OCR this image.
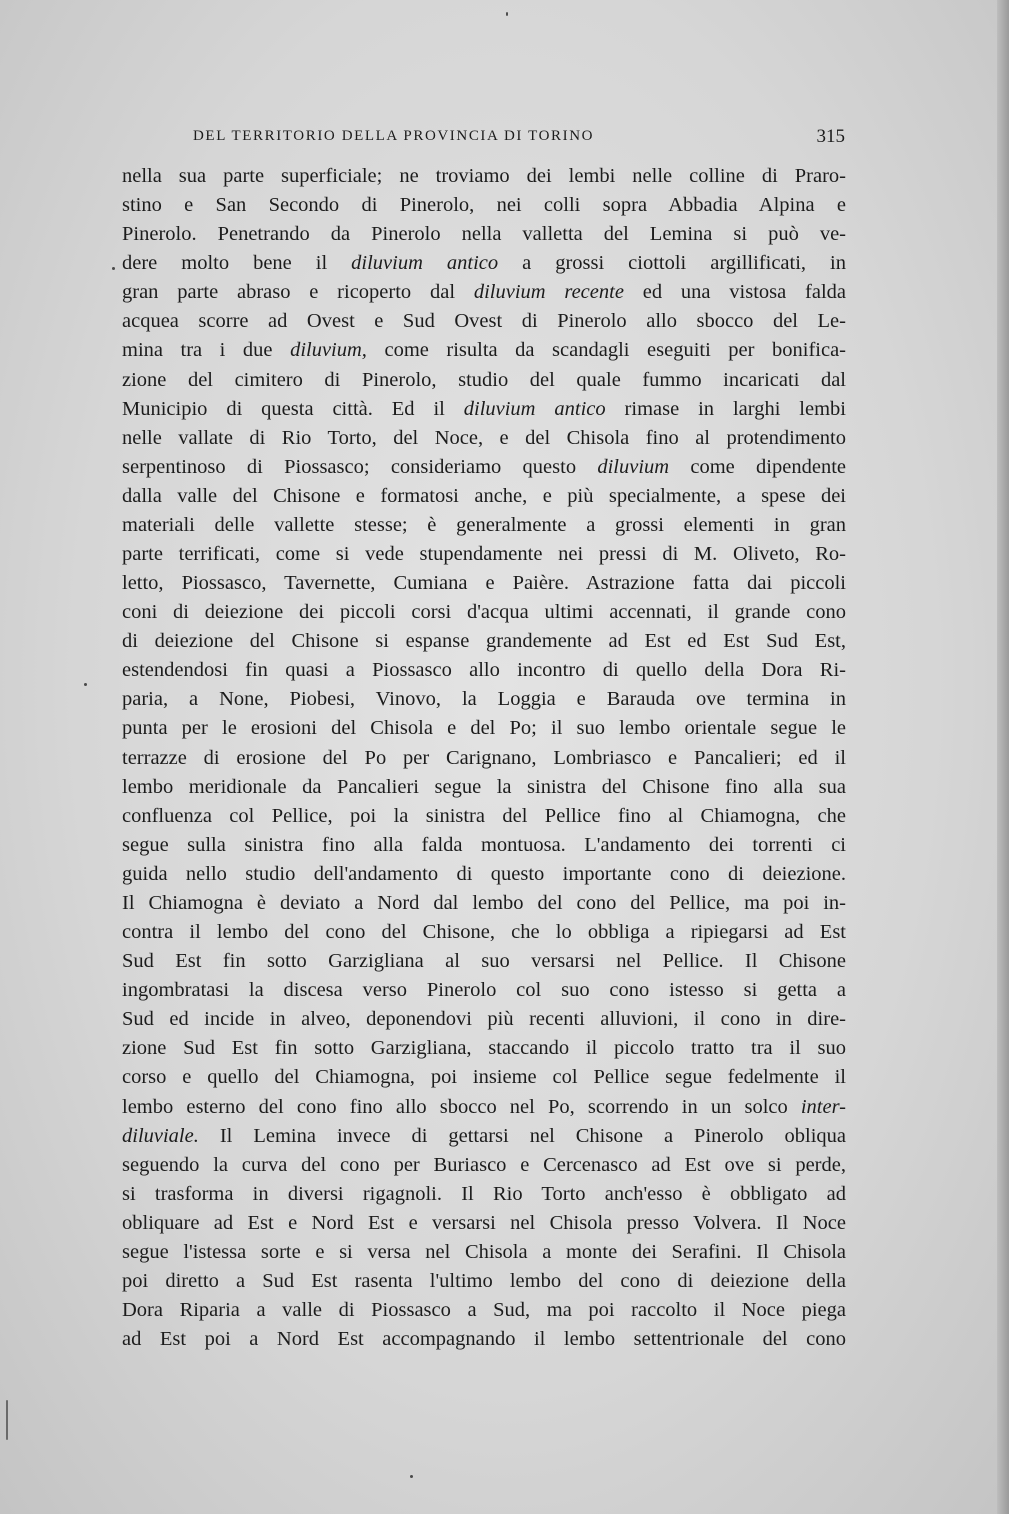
DEL TERRITORIO DELLA PROVINCIA DI TORINO	315
nella sua parte superficiale; ne troviamo dei lembi nelle colline di Praro-
stino e San Secondo di Pinerolo, nei colli sopra Abbadia Alpina e
Pinerolo. Penetrando da Pinerolo nella valletta del Lemina si può ve-
dere molto bene il diluvium antico a grossi ciottoli argillificati, in
gran parte abraso e ricoperto dal diluvium recente ed una vistosa falda
acquea scorre ad Ovest e Sud Ovest di Pinerolo allo sbocco del Le-
mina tra i due diluvium, come risulta da scandagli eseguiti per bonifica-
zione del cimitero di Pinerolo, studio del quale fummo incaricati dal
Municipio di questa città. Ed il diluvium antico rimase in larghi lembi
nelle vallate di Rio Torto, del Noce, e del Chisola fino al protendimento
serpentinoso di Piossasco; consideriamo questo diluvium come dipendente
dalla valle del Chisone e formatosi anche, e più specialmente, a spese dei
materiali delle vallette stesse; è generalmente a grossi elementi in gran
parte terrificati, come si vede stupendamente nei pressi di M. Oliveto, Ro-
letto, Piossasco, Tavernette, Cumiana e Paière. Astrazione fatta dai piccoli
coni di deiezione dei piccoli corsi d'acqua ultimi accennati, il grande cono
di deiezione del Chisone si espanse grandemente ad Est ed Est Sud Est,
estendendosi fin quasi a Piossasco allo incontro di quello della Dora Ri-
paria, a None, Piobesi, Vinovo, la Loggia e Barauda ove termina in
punta per le erosioni del Chisola e del Po; il suo lembo orientale segue le
terrazze di erosione del Po per Carignano, Lombriasco e Pancalieri; ed il
lembo meridionale da Pancalieri segue la sinistra del Chisone fino alla sua
confluenza col Pellice, poi la sinistra del Pellice fino al Chiamogna, che
segue sulla sinistra fino alla falda montuosa. L'andamento dei torrenti ci
guida nello studio dell'andamento di questo importante cono di deiezione.
Il Chiamogna è deviato a Nord dal lembo del cono del Pellice, ma poi in-
contra il lembo del cono del Chisone, che lo obbliga a ripiegarsi ad Est
Sud Est fin sotto Garzigliana al suo versarsi nel Pellice. Il Chisone
ingombratasi la discesa verso Pinerolo col suo cono istesso si getta a
Sud ed incide in alveo, deponendovi più recenti alluvioni, il cono in dire-
zione Sud Est fin sotto Garzigliana, staccando il piccolo tratto tra il suo
corso e quello del Chiamogna, poi insieme col Pellice segue fedelmente il
lembo esterno del cono fino allo sbocco nel Po, scorrendo in un solco inter-
diluviale. Il Lemina invece di gettarsi nel Chisone a Pinerolo obliqua
seguendo la curva del cono per Buriasco e Cercenasco ad Est ove si perde,
si trasforma in diversi rigagnoli. Il Rio Torto anch'esso è obbligato ad
obliquare ad Est e Nord Est e versarsi nel Chisola presso Volvera. Il Noce
segue l'istessa sorte e si versa nel Chisola a monte dei Serafini. Il Chisola
poi diretto a Sud Est rasenta l'ultimo lembo del cono di deiezione della
Dora Riparia a valle di Piossasco a Sud, ma poi raccolto il Noce piega
ad Est poi a Nord Est accompagnando il lembo settentrionale del cono
